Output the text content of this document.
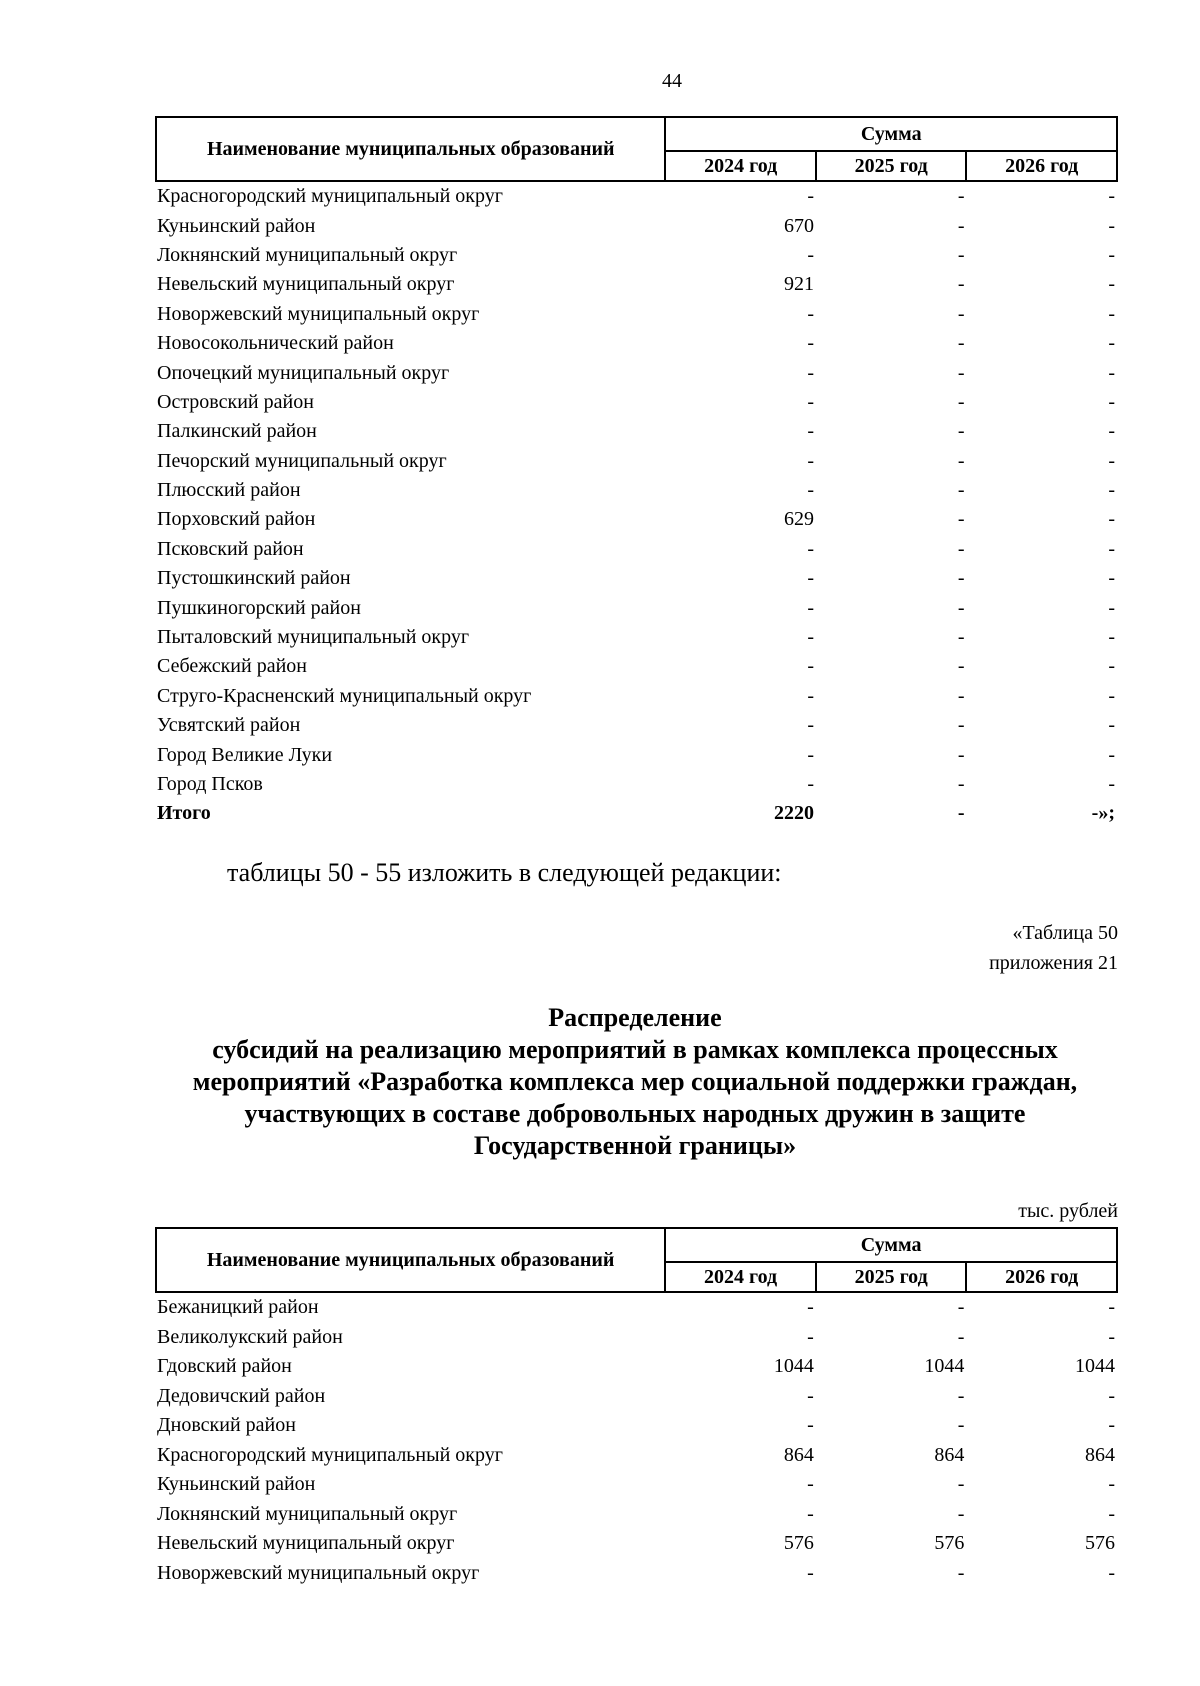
44
Наименование муниципальных образований	Сумма		
	2024 год	2025 год	2026 год
Красногородский муниципальный округ	-	-	-
Куньинский район	670	-	-
Локнянский муниципальный округ	-	-	-
Невельский муниципальный округ	921	-	-
Новоржевский муниципальный округ	-	-	-
Новосокольнический район	-	-	-
Опочецкий муниципальный округ	-	-	-
Островский район	-	-	-
Палкинский район	-	-	-
Печорский муниципальный округ	-	-	-
Плюсский район	-	-	-
Порховский район	629	-	-
Псковский район	-	-	-
Пустошкинский район	-	-	-
Пушкиногорский район	-	-	-
Пыталовский муниципальный округ	-	-	-
Себежский район	-	-	-
Струго-Красненский муниципальный округ	-	-	-
Усвятский район	-	-	-
Город Великие Луки	-	-	-
Город Псков	-	-	-
Итого	2220	-	-»;
таблицы 50 - 55 изложить в следующей редакции:
«Таблица 50
приложения 21
Распределение
субсидий на реализацию мероприятий в рамках комплекса процессных
мероприятий «Разработка комплекса мер социальной поддержки граждан,
участвующих в составе добровольных народных дружин в защите
Государственной границы»
тыс. рублей
Наименование муниципальных образований	Сумма		
	2024 год	2025 год	2026 год
Бежаницкий район	-	-	-
Великолукский район	-	-	-
Гдовский район	1044	1044	1044
Дедовичский район	-	-	-
Дновский район	-	-	-
Красногородский муниципальный округ	864	864	864
Куньинский район	-	-	-
Локнянский муниципальный округ	-	-	-
Невельский муниципальный округ	576	576	576
Новоржевский муниципальный округ	-	-	-
